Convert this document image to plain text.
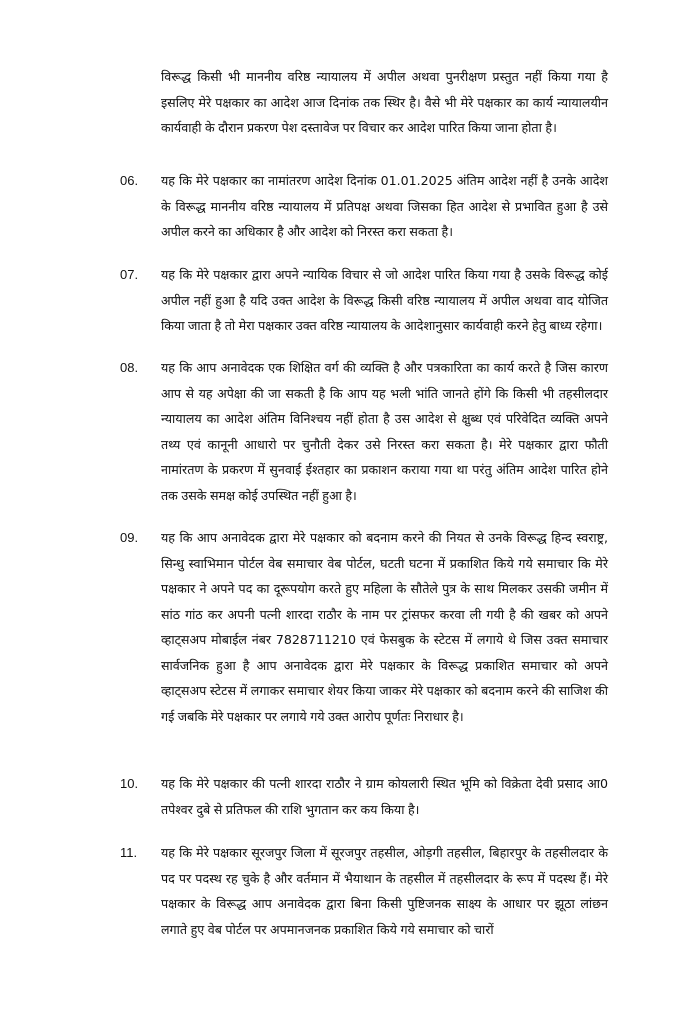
विरूद्ध किसी भी माननीय वरिष्ठ न्यायालय में अपील अथवा पुनरीक्षण प्रस्तुत नहीं किया गया है इसलिए मेरे पक्षकार का आदेश आज दिनांक तक स्थिर है। वैसे भी मेरे पक्षकार का कार्य न्यायालयीन कार्यवाही के दौरान प्रकरण पेश दस्तावेज पर विचार कर आदेश पारित किया जाना होता है।
06. यह कि मेरे पक्षकार का नामांतरण आदेश दिनांक 01.01.2025 अंतिम आदेश नहीं है उनके आदेश के विरूद्ध माननीय वरिष्ठ न्यायालय में प्रतिपक्ष अथवा जिसका हित आदेश से प्रभावित हुआ है उसे अपील करने का अधिकार है और आदेश को निरस्त करा सकता है।
07. यह कि मेरे पक्षकार द्वारा अपने न्यायिक विचार से जो आदेश पारित किया गया है उसके विरूद्ध कोई अपील नहीं हुआ है यदि उक्त आदेश के विरूद्ध किसी वरिष्ठ न्यायालय में अपील अथवा वाद योजित किया जाता है तो मेरा पक्षकार उक्त वरिष्ठ न्यायालय के आदेशानुसार कार्यवाही करने हेतु बाध्य रहेगा।
08. यह कि आप अनावेदक एक शिक्षित वर्ग की व्यक्ति है और पत्रकारिता का कार्य करते है जिस कारण आप से यह अपेक्षा की जा सकती है कि आप यह भली भांति जानते होंगे कि किसी भी तहसीलदार न्यायालय का आदेश अंतिम विनिश्चय नहीं होता है उस आदेश से क्षुब्ध एवं परिवेदित व्यक्ति अपने तथ्य एवं कानूनी आधारो पर चुनौती देकर उसे निरस्त करा सकता है। मेरे पक्षकार द्वारा फौती नामांरतण के प्रकरण में सुनवाई ईश्तहार का प्रकाशन कराया गया था परंतु अंतिम आदेश पारित होने तक उसके समक्ष कोई उपस्थित नहीं हुआ है।
09. यह कि आप अनावेदक द्वारा मेरे पक्षकार को बदनाम करने की नियत से उनके विरूद्ध हिन्द स्वराष्ट्र, सिन्धु स्वाभिमान पोर्टल वेब समाचार वेब पोर्टल, घटती घटना में प्रकाशित किये गये समाचार कि मेरे पक्षकार ने अपने पद का दूरूपयोग करते हुए महिला के सौतेले पुत्र के साथ मिलकर उसकी जमीन में सांठ गांठ कर अपनी पत्नी शारदा राठौर के नाम पर ट्रांसफर करवा ली गयी है की खबर को अपने व्हाट्सअप मोबाईल नंबर 7828711210 एवं फेसबुक के स्टेटस में लगाये थे जिस उक्त समाचार सार्वजनिक हुआ है आप अनावेदक द्वारा मेरे पक्षकार के विरूद्ध प्रकाशित समाचार को अपने व्हाट्सअप स्टेटस में लगाकर समाचार शेयर किया जाकर मेरे पक्षकार को बदनाम करने की साजिश की गई जबकि मेरे पक्षकार पर लगाये गये उक्त आरोप पूर्णतः निराधार है।
10. यह कि मेरे पक्षकार की पत्नी शारदा राठौर ने ग्राम कोयलारी स्थित भूमि को विक्रेता देवी प्रसाद आ0 तपेश्वर दुबे से प्रतिफल की राशि भुगतान कर कय किया है।
11. यह कि मेरे पक्षकार सूरजपुर जिला में सूरजपुर तहसील, ओड़गी तहसील, बिहारपुर के तहसीलदार के पद पर पदस्थ रह चुके है और वर्तमान में भैयाथान के तहसील में तहसीलदार के रूप में पदस्थ हैं। मेरे पक्षकार के विरूद्ध आप अनावेदक द्वारा बिना किसी पुष्टिजनक साक्ष्य के आधार पर झूठा लांछन लगाते हुए वेब पोर्टल पर अपमानजनक प्रकाशित किये गये समाचार को चारों
